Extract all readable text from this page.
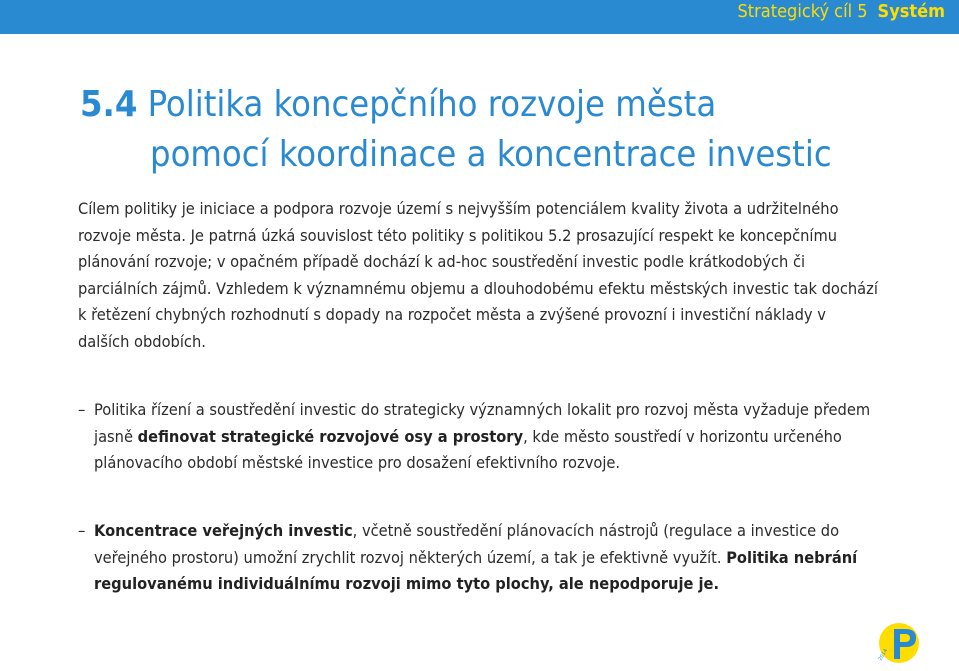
Strategický cíl 5 Systém
5.4 Politika koncepčního rozvoje města
pomocí koordinace a koncentrace investic

Cílem politiky je iniciace a podpora rozvoje území s nejvyšším potenciálem kvality života a udržitelného rozvoje města. Je patrná úzká souvislost této politiky s politikou 5.2 prosazující respekt ke koncepčnímu plánování rozvoje; v opačném případě dochází k ad-hoc soustředění investic podle krátkodobých či parciálních zájmů. Vzhledem k významnému objemu a dlouhodobému efektu městských investic tak dochází k řetězení chybných rozhodnutí s dopady na rozpočet města a zvýšené provozní i investiční náklady v dalších obdobích.

– Politika řízení a soustředění investic do strategicky významných lokalit pro rozvoj města vyžaduje předem jasně definovat strategické rozvojové osy a prostory, kde město soustředí v horizontu určeného plánovacího období městské investice pro dosažení efektivního rozvoje.

– Koncentrace veřejných investic, včetně soustředění plánovacích nástrojů (regulace a investice do veřejného prostoru) umožní zrychlit rozvoj některých území, a tak je efektivně využít. Politika nebrání regulovanému individuálnímu rozvoji mimo tyto plochy, ale nepodporuje je.

2014
